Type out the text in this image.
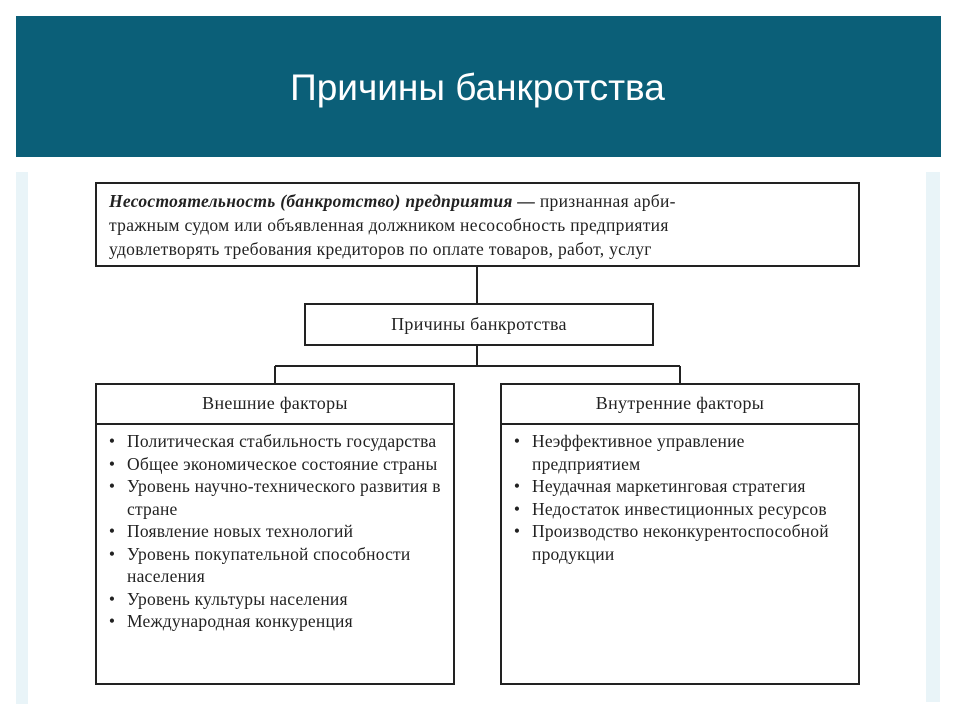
Причины банкротства
Несостоятельность (банкротство) предприятия — признанная арби-
тражным судом или объявленная должником несособность предприятия
удовлетворять требования кредиторов по оплате товаров, работ, услуг
Причины банкротства
Внешние факторы
• Политическая стабильность государства
• Общее экономическое состояние страны
• Уровень научно-технического развития в стране
• Появление новых технологий
• Уровень покупательной способности населения
• Уровень культуры населения
• Международная конкуренция
Внутренние факторы
• Неэффективное управление предприятием
• Неудачная маркетинговая стратегия
• Недостаток инвестиционных ресурсов
• Производство неконкурентоспособной продукции
